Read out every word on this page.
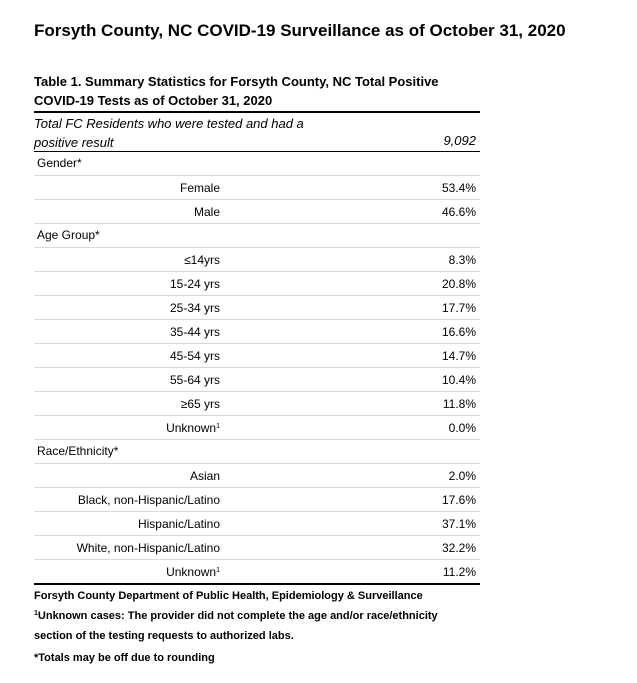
Forsyth County, NC COVID-19 Surveillance as of October 31, 2020
Table 1. Summary Statistics for Forsyth County, NC Total Positive
COVID-19 Tests as of October 31, 2020
Total FC Residents who were tested and had a
positive result	9,092
Gender*
Female	53.4%
Male	46.6%
Age Group*
≤14yrs	8.3%
15-24 yrs	20.8%
25-34 yrs	17.7%
35-44 yrs	16.6%
45-54 yrs	14.7%
55-64 yrs	10.4%
≥65 yrs	11.8%
Unknown$^1$	0.0%
Race/Ethnicity*
Asian	2.0%
Black, non-Hispanic/Latino	17.6%
Hispanic/Latino	37.1%
White, non-Hispanic/Latino	32.2%
Unknown$^1$	11.2%
Forsyth County Department of Public Health, Epidemiology & Surveillance
$^1$Unknown cases: The provider did not complete the age and/or race/ethnicity
section of the testing requests to authorized labs.
*Totals may be off due to rounding
